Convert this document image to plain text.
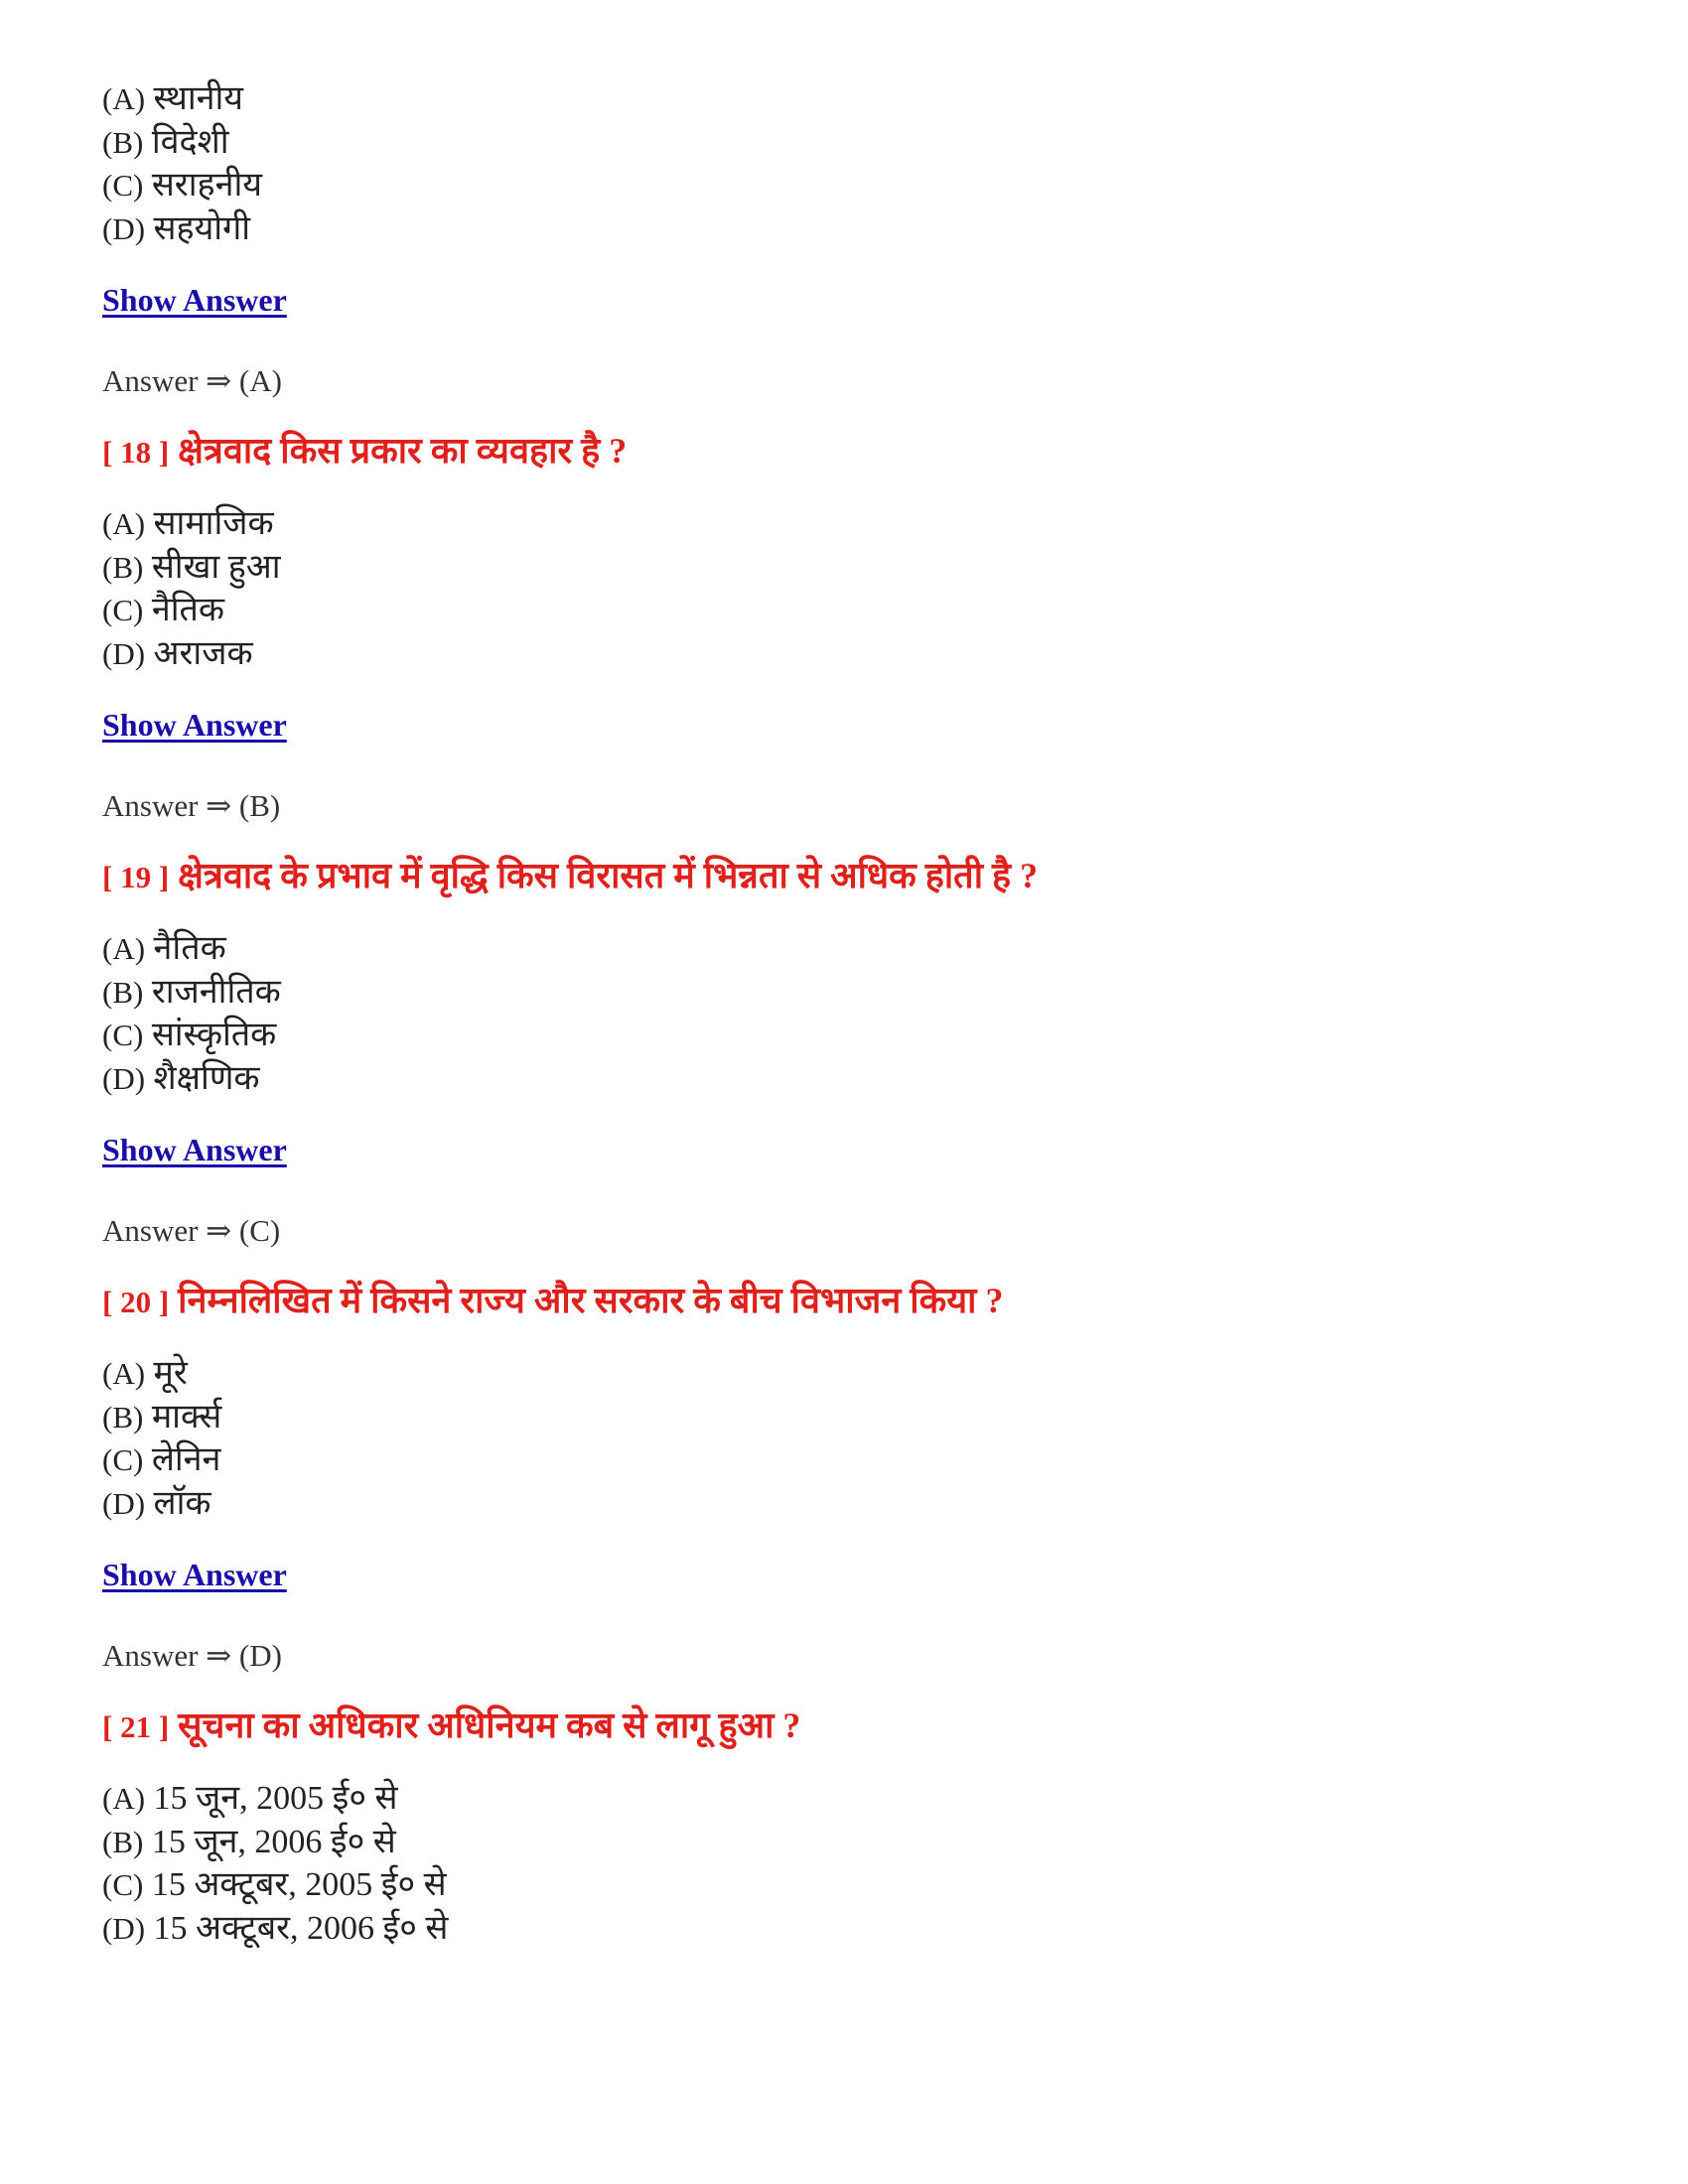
(A) स्थानीय
(B) विदेशी
(C) सराहनीय
(D) सहयोगी
Show Answer
Answer ⇒ (A)
[ 18 ] क्षेत्रवाद किस प्रकार का व्यवहार है ?
(A) सामाजिक
(B) सीखा हुआ
(C) नैतिक
(D) अराजक
Show Answer
Answer ⇒ (B)
[ 19 ] क्षेत्रवाद के प्रभाव में वृद्धि किस विरासत में भिन्नता से अधिक होती है ?
(A) नैतिक
(B) राजनीतिक
(C) सांस्कृतिक
(D) शैक्षणिक
Show Answer
Answer ⇒ (C)
[ 20 ] निम्नलिखित में किसने राज्य और सरकार के बीच विभाजन किया ?
(A) मूरे
(B) मार्क्स
(C) लेनिन
(D) लॉक
Show Answer
Answer ⇒ (D)
[ 21 ] सूचना का अधिकार अधिनियम कब से लागू हुआ ?
(A) 15 जून, 2005 ई० से
(B) 15 जून, 2006 ई० से
(C) 15 अक्टूबर, 2005 ई० से
(D) 15 अक्टूबर, 2006 ई० से
